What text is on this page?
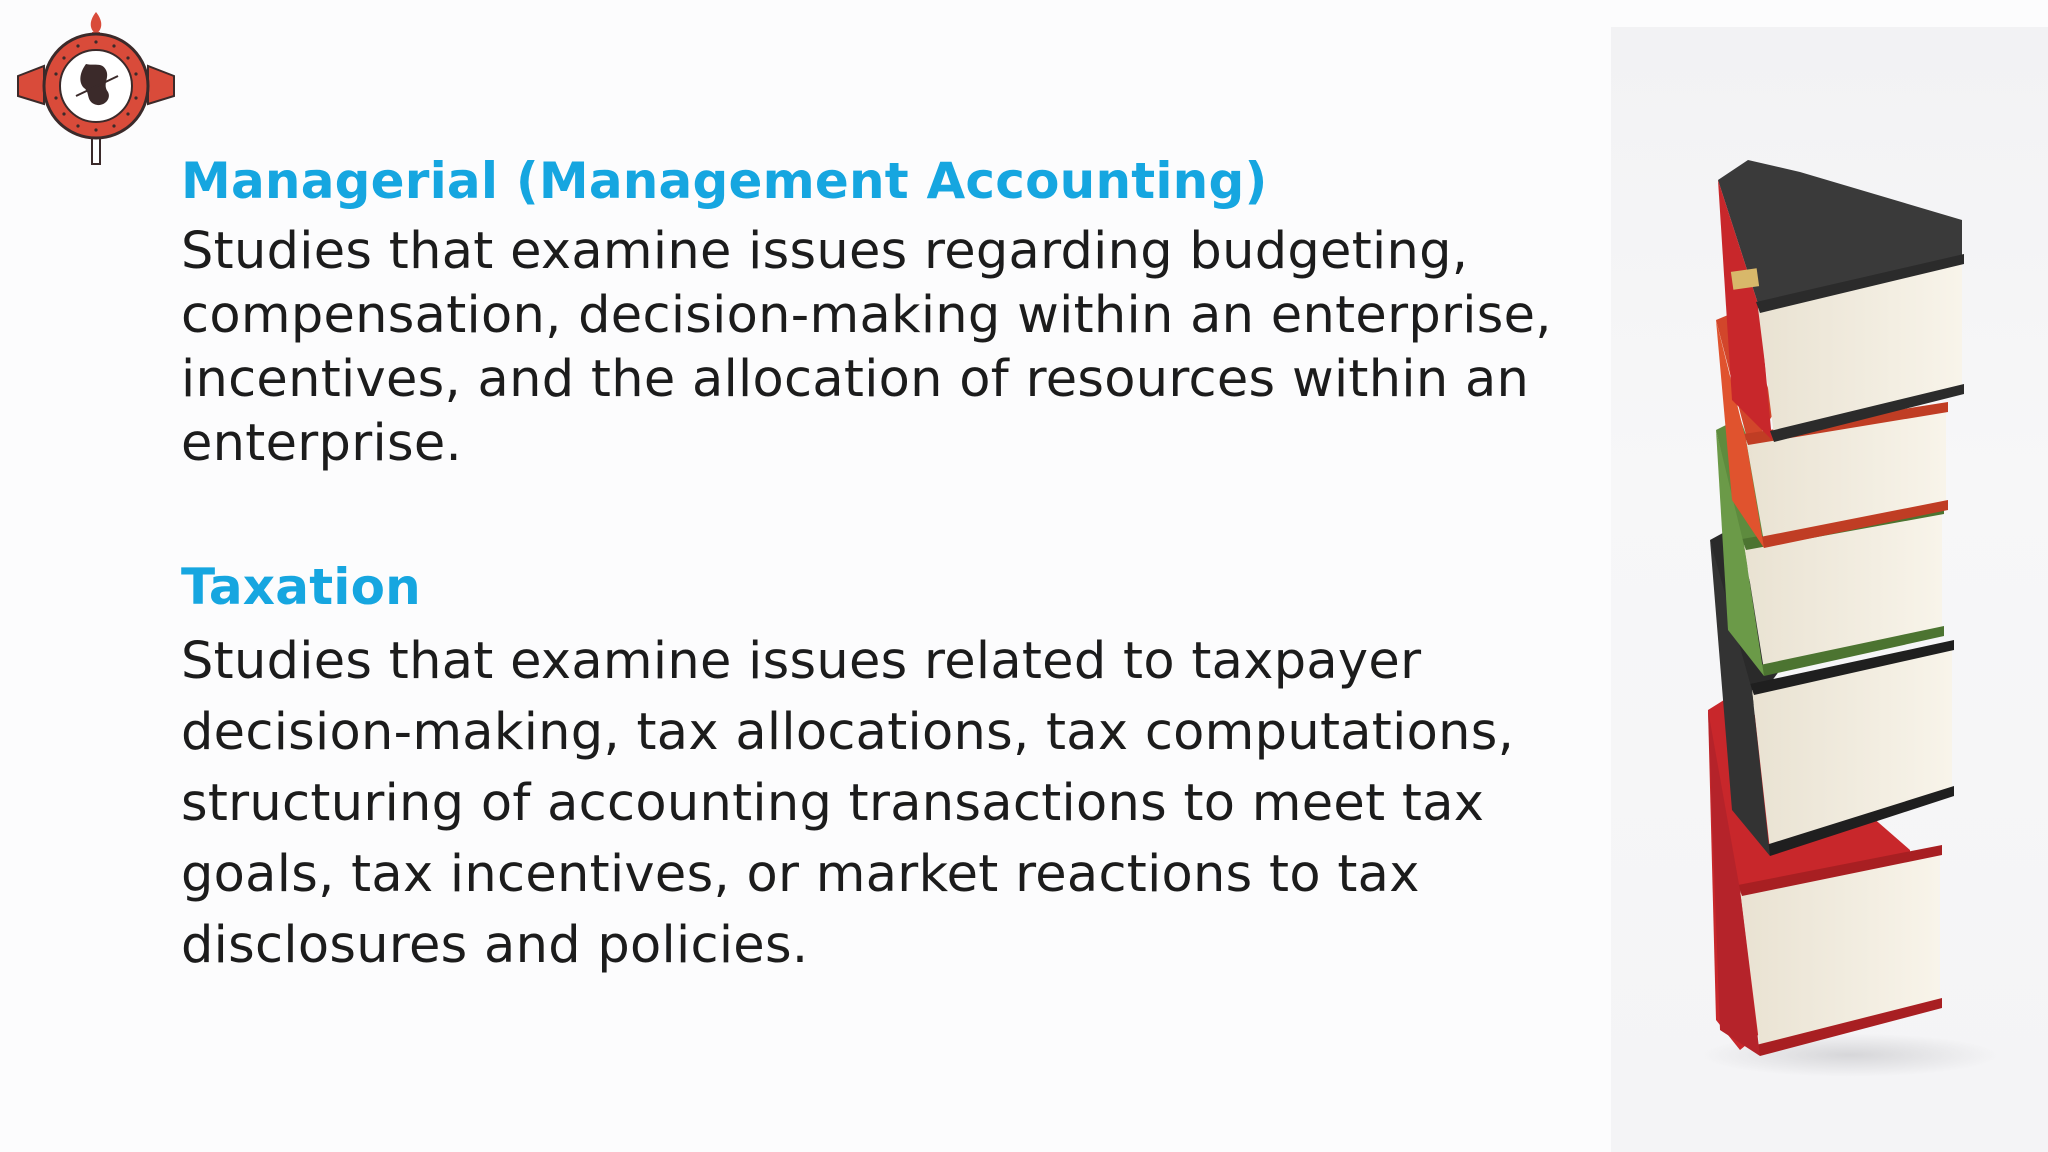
Managerial (Management Accounting)

Studies that examine issues regarding budgeting,
compensation, decision-making within an enterprise,
incentives, and the allocation of resources within an
enterprise.

Taxation

Studies that examine issues related to taxpayer
decision-making, tax allocations, tax computations,
structuring of accounting transactions to meet tax
goals, tax incentives, or market reactions to tax
disclosures and policies.
